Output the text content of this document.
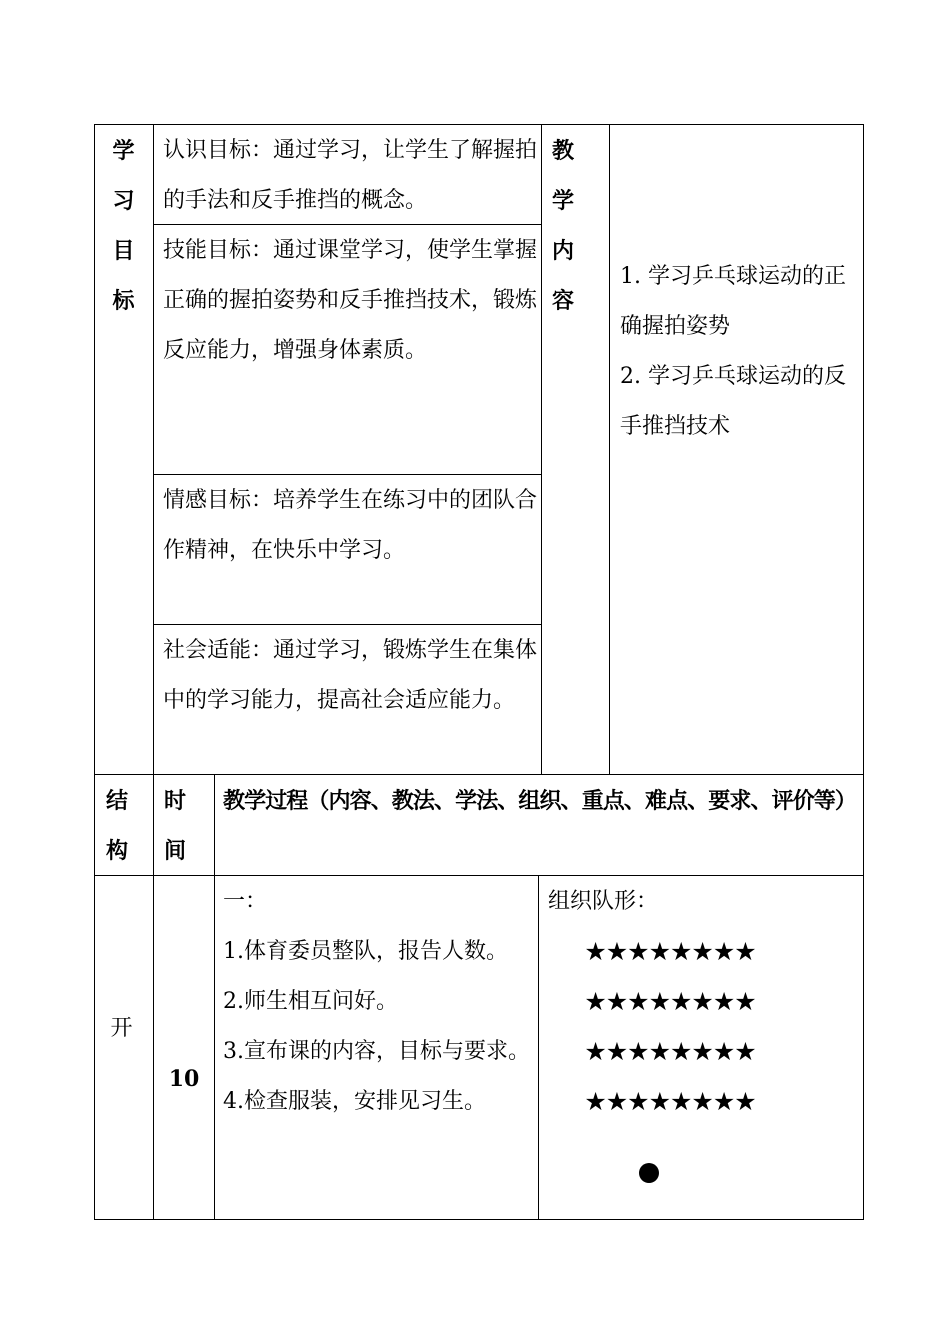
学
习
目
标
认识目标：通过学习，让学生了解握拍的手法和反手推挡的概念。
技能目标：通过课堂学习，使学生掌握正确的握拍姿势和反手推挡技术，锻炼反应能力，增强身体素质。
情感目标：培养学生在练习中的团队合作精神，在快乐中学习。
社会适能：通过学习，锻炼学生在集体中的学习能力，提高社会适应能力。
教
学
内
容
1. 学习乒乓球运动的正确握拍姿势
2. 学习乒乓球运动的反手推挡技术
结
构
时
间
教学过程（内容、教法、学法、组织、重点、难点、要求、评价等）
开
10
一：
1.体育委员整队，报告人数。
2.师生相互问好。
3.宣布课的内容，目标与要求。
4.检查服装，安排见习生。
组织队形：
★★★★★★★★
★★★★★★★★
★★★★★★★★
★★★★★★★★
